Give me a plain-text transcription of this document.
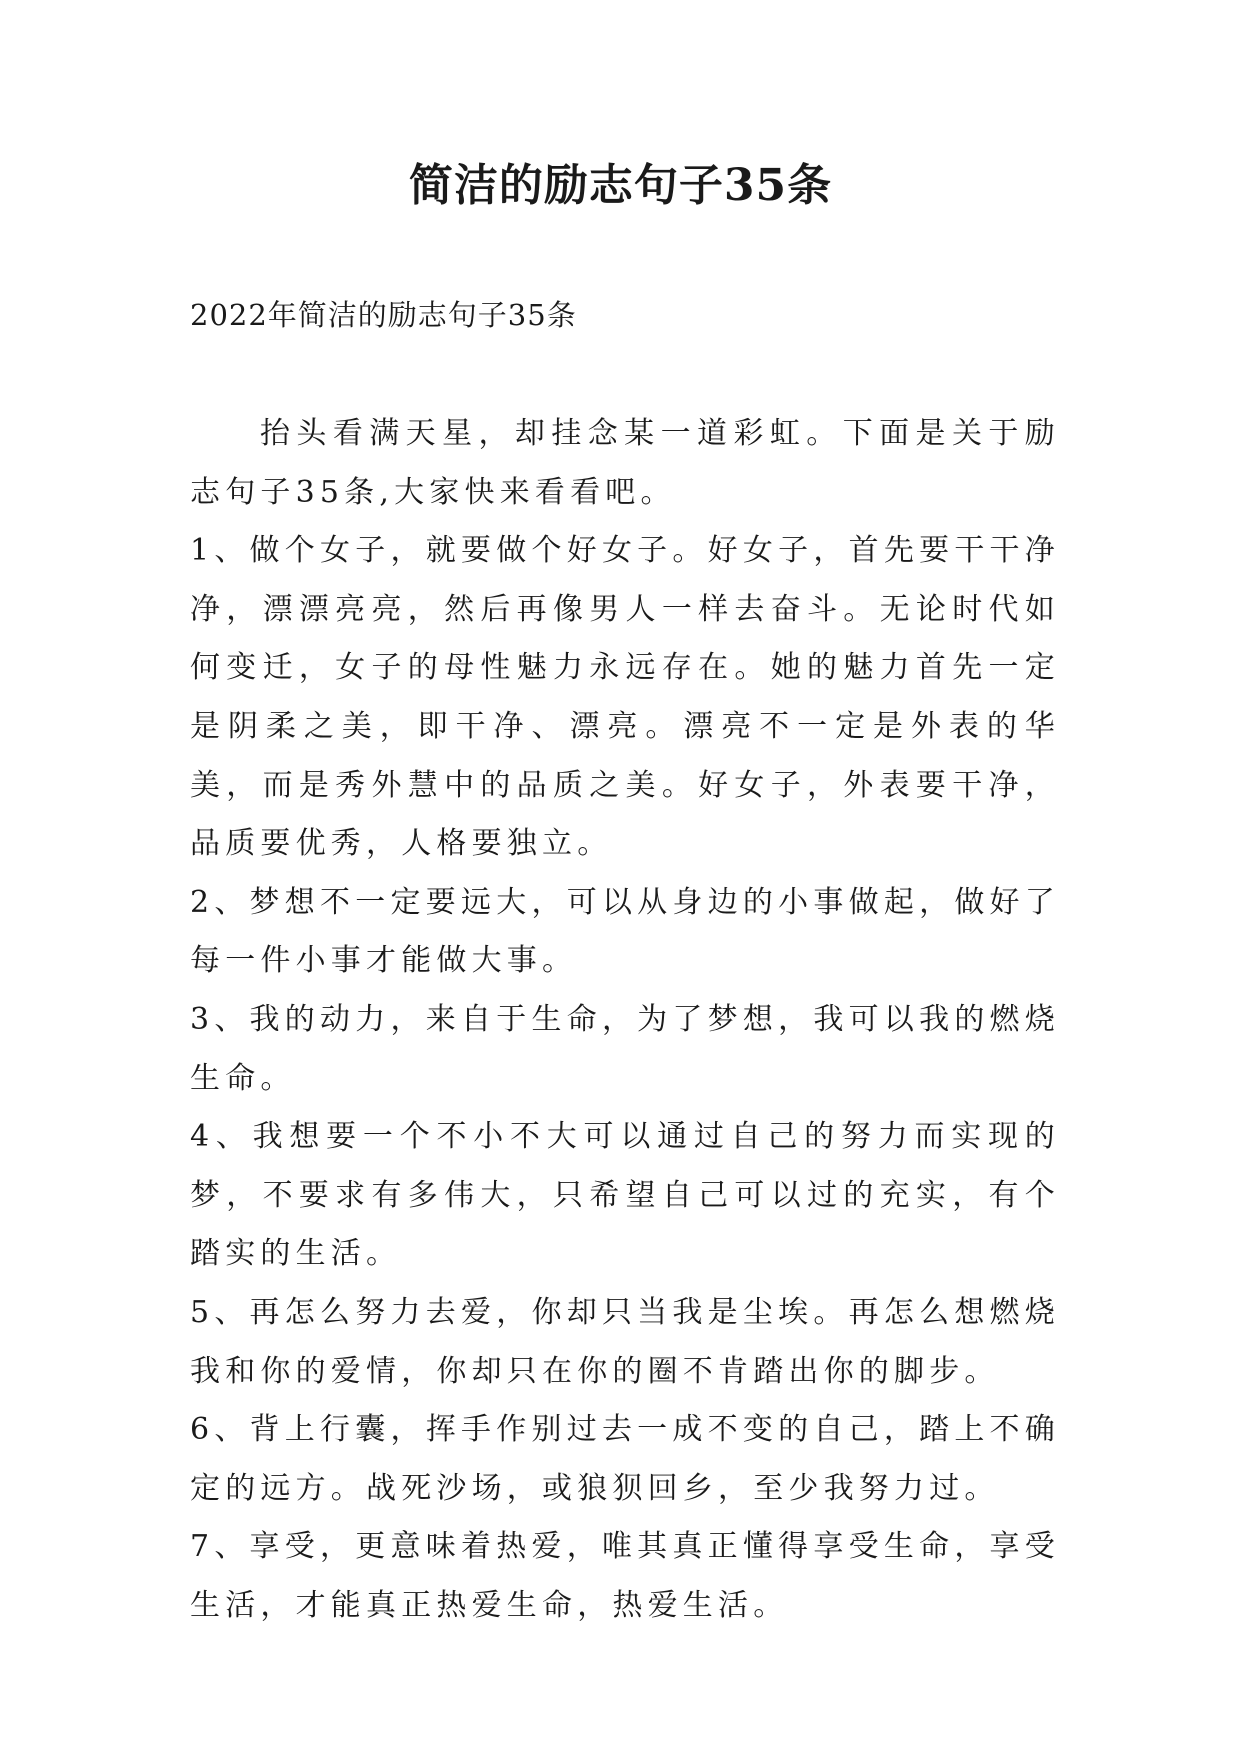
简洁的励志句子35条

2022年简洁的励志句子35条

抬头看满天星，却挂念某一道彩虹。下面是关于励志句子35条,大家快来看看吧。

1、做个女子，就要做个好女子。好女子，首先要干干净净，漂漂亮亮，然后再像男人一样去奋斗。无论时代如何变迁，女子的母性魅力永远存在。她的魅力首先一定是阴柔之美，即干净、漂亮。漂亮不一定是外表的华美，而是秀外慧中的品质之美。好女子，外表要干净，品质要优秀，人格要独立。

2、梦想不一定要远大，可以从身边的小事做起，做好了每一件小事才能做大事。

3、我的动力，来自于生命，为了梦想，我可以我的燃烧生命。

4、我想要一个不小不大可以通过自己的努力而实现的梦，不要求有多伟大，只希望自己可以过的充实，有个踏实的生活。

5、再怎么努力去爱，你却只当我是尘埃。再怎么想燃烧我和你的爱情，你却只在你的圈不肯踏出你的脚步。

6、背上行囊，挥手作别过去一成不变的自己，踏上不确定的远方。战死沙场，或狼狈回乡，至少我努力过。

7、享受，更意味着热爱，唯其真正懂得享受生命，享受生活，才能真正热爱生命，热爱生活。
